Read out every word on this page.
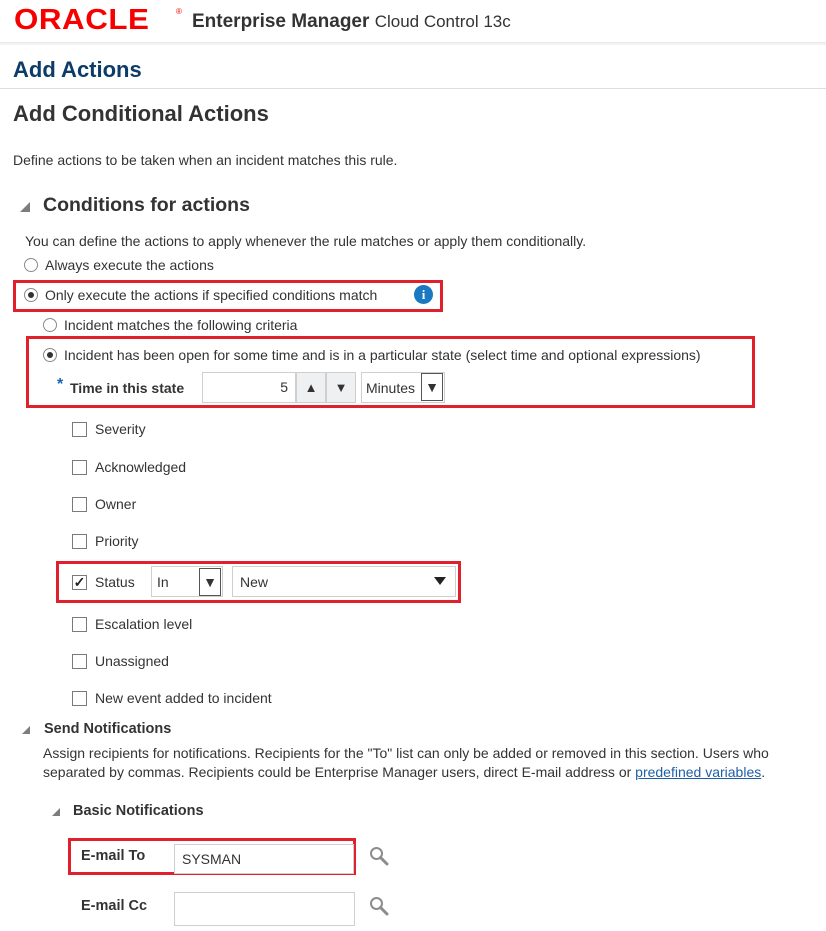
ORACLE	® Enterprise Manager Cloud Control 13c
Add Actions
Add Conditional Actions
Define actions to be taken when an incident matches this rule.
Conditions for actions
You can define the actions to apply whenever the rule matches or apply them conditionally.
Always execute the actions
Only execute the actions if specified conditions match	i
Incident matches the following criteria
Incident has been open for some time and is in a particular state (select time and optional expressions)
* Time in this state	5	▲	▼	Minutes ▼
Severity
Acknowledged
Owner
Priority
✓ Status In ▼ New
Escalation level
Unassigned
New event added to incident
Send Notifications
Assign recipients for notifications. Recipients for the "To" list can only be added or removed in this section. Users who
separated by commas. Recipients could be Enterprise Manager users, direct E-mail address or predefined variables.
Basic Notifications
E-mail To	SYSMAN
E-mail Cc
